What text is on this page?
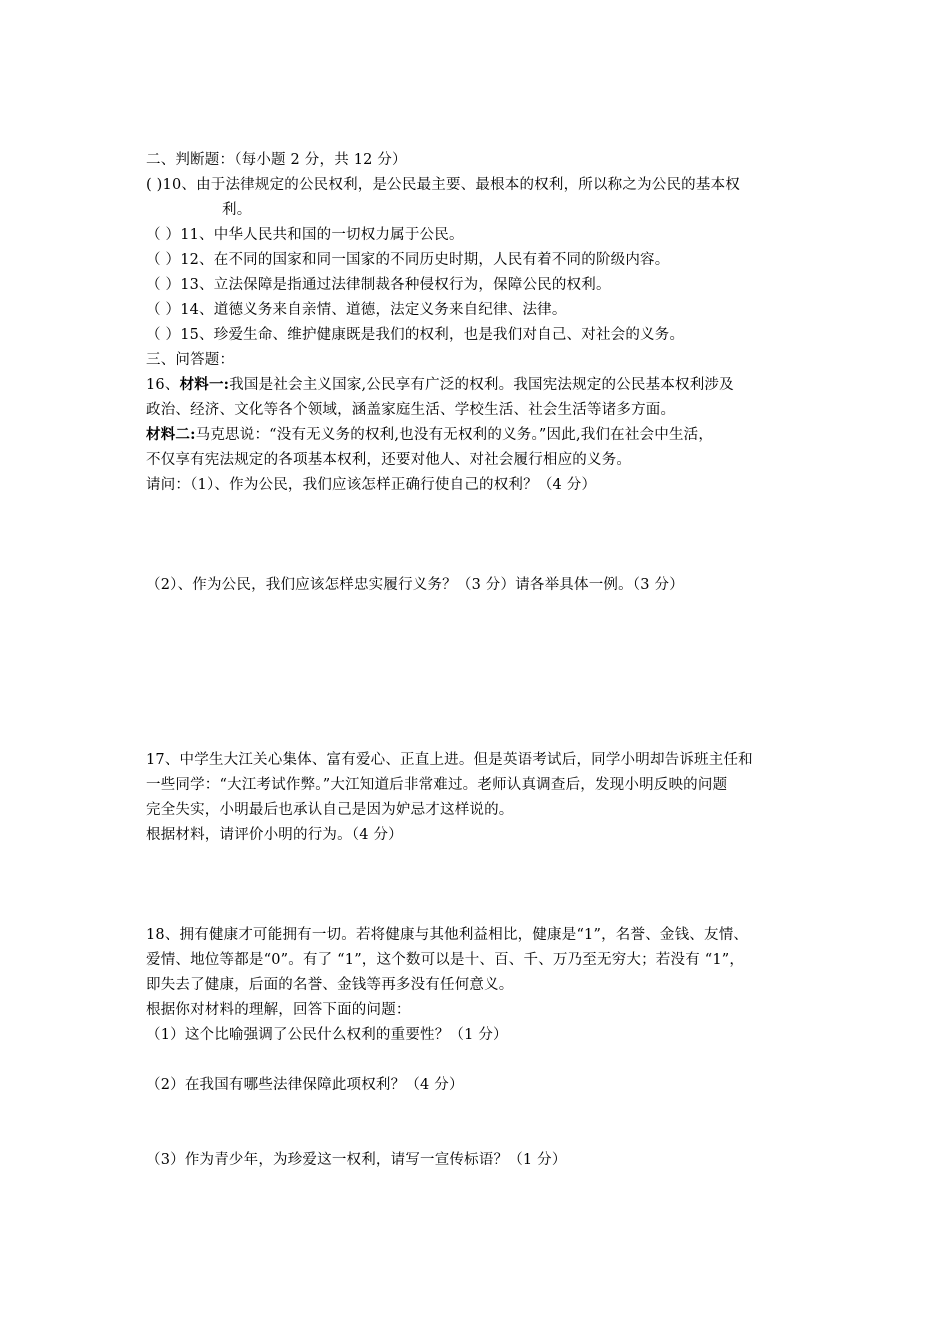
二、判断题：（每小题 2 分，共 12 分）
( )10、由于法律规定的公民权利，是公民最主要、最根本的权利，所以称之为公民的基本权
利。
（ ）11、中华人民共和国的一切权力属于公民。
（ ）12、在不同的国家和同一国家的不同历史时期，人民有着不同的阶级内容。
（ ）13、立法保障是指通过法律制裁各种侵权行为，保障公民的权利。
（ ）14、道德义务来自亲情、道德，法定义务来自纪律、法律。
（ ）15、珍爱生命、维护健康既是我们的权利，也是我们对自己、对社会的义务。
三、问答题：
16、材料一:我国是社会主义国家,公民享有广泛的权利。我国宪法规定的公民基本权利涉及
政治、经济、文化等各个领域，涵盖家庭生活、学校生活、社会生活等诸多方面。
材料二:马克思说：“没有无义务的权利,也没有无权利的义务。”因此,我们在社会中生活，
不仅享有宪法规定的各项基本权利，还要对他人、对社会履行相应的义务。
请问：（1）、作为公民，我们应该怎样正确行使自己的权利？（4 分）
（2）、作为公民，我们应该怎样忠实履行义务？（3 分）请各举具体一例。（3 分）
17、中学生大江关心集体、富有爱心、正直上进。但是英语考试后，同学小明却告诉班主任和
一些同学：“大江考试作弊。”大江知道后非常难过。老师认真调查后，发现小明反映的问题
完全失实，小明最后也承认自己是因为妒忌才这样说的。
根据材料，请评价小明的行为。（4 分）
18、拥有健康才可能拥有一切。若将健康与其他利益相比，健康是“1”，名誉、金钱、友情、
爱情、地位等都是“0”。有了 “1”，这个数可以是十、百、千、万乃至无穷大；若没有 “1”，
即失去了健康，后面的名誉、金钱等再多没有任何意义。
根据你对材料的理解，回答下面的问题：
（1）这个比喻强调了公民什么权利的重要性？（1 分）
（2）在我国有哪些法律保障此项权利？（4 分）
（3）作为青少年，为珍爱这一权利，请写一宣传标语？（1 分）
